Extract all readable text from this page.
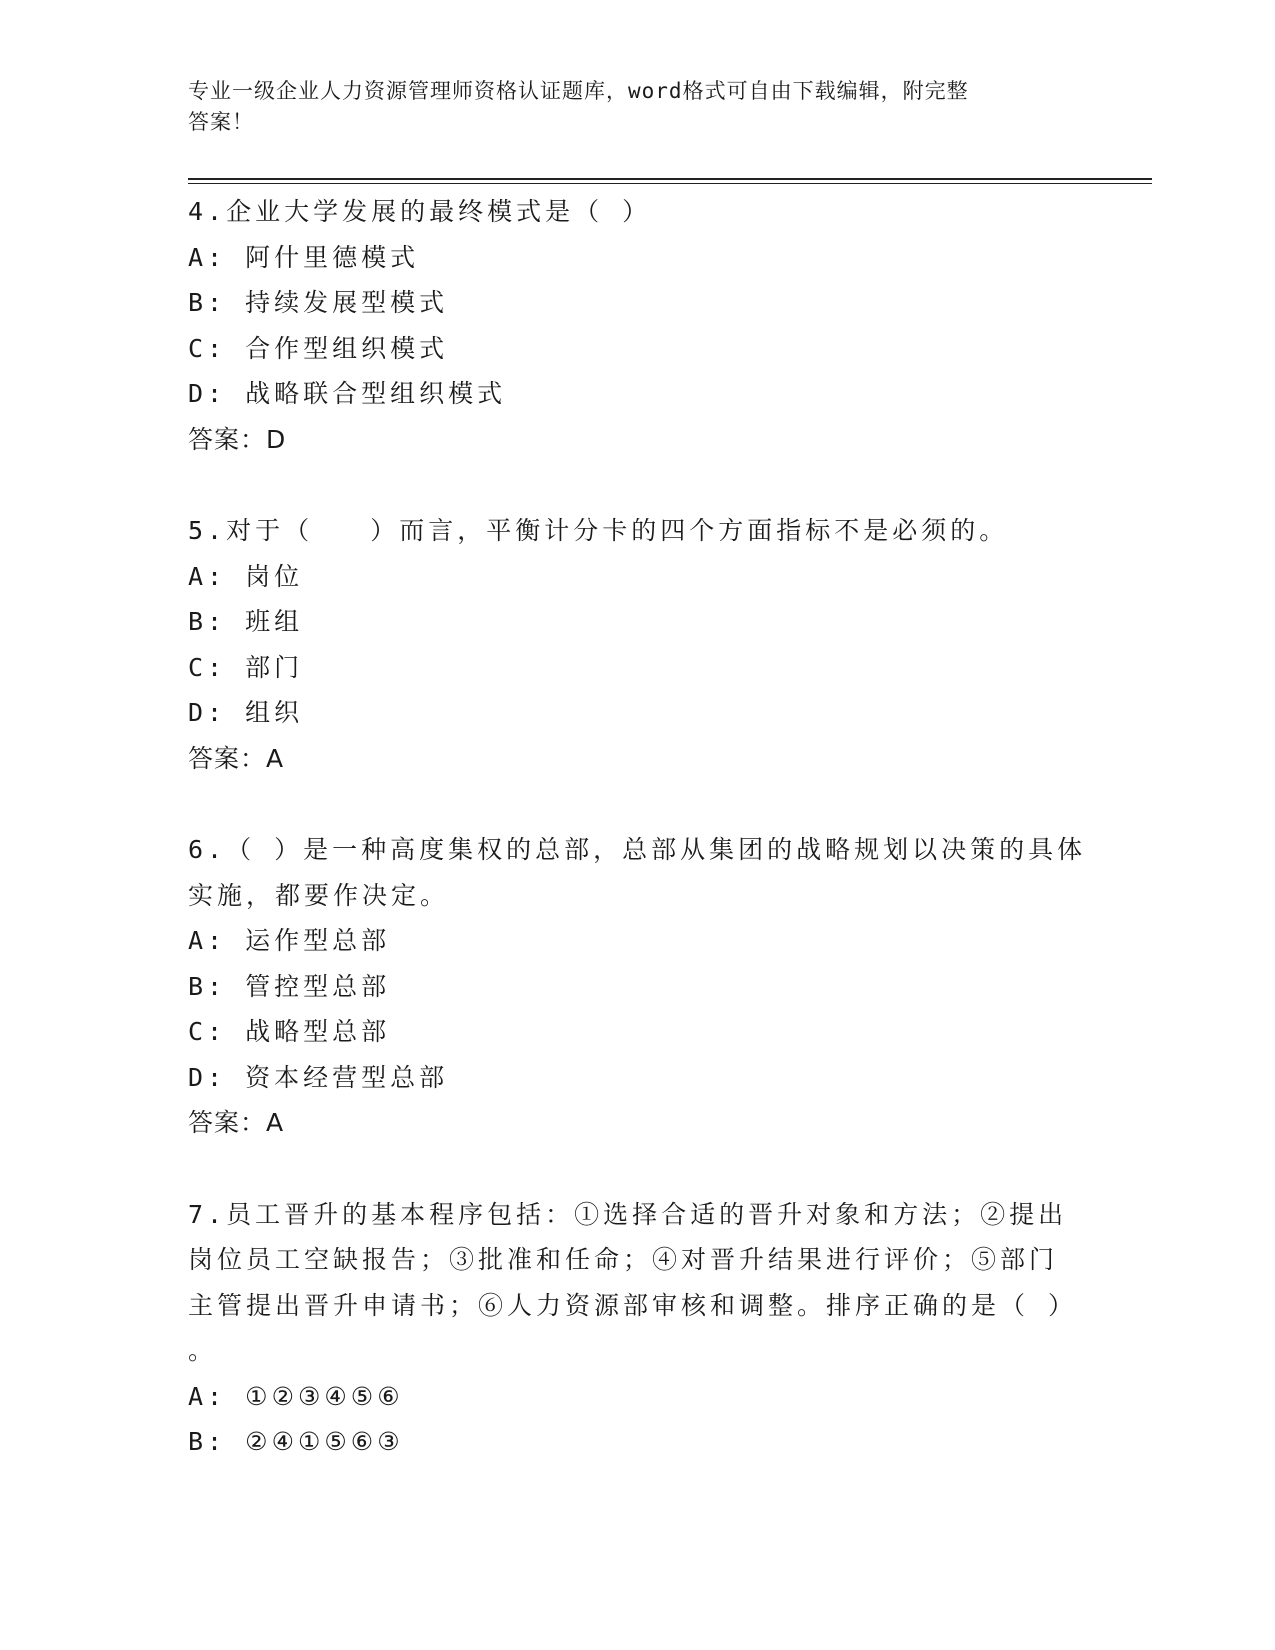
专业一级企业人力资源管理师资格认证题库，word格式可自由下载编辑，附完整
答案！
4.企业大学发展的最终模式是（ ）
A: 阿什里德模式
B: 持续发展型模式
C: 合作型组织模式
D: 战略联合型组织模式
答案：D
5.对于（   ）而言，平衡计分卡的四个方面指标不是必须的。
A: 岗位
B: 班组
C: 部门
D: 组织
答案：A
6.（ ）是一种高度集权的总部，总部从集团的战略规划以决策的具体
实施，都要作决定。
A: 运作型总部
B: 管控型总部
C: 战略型总部
D: 资本经营型总部
答案：A
7.员工晋升的基本程序包括：①选择合适的晋升对象和方法；②提出
岗位员工空缺报告；③批准和任命；④对晋升结果进行评价；⑤部门
主管提出晋升申请书；⑥人力资源部审核和调整。排序正确的是（ ）
。
A: ①②③④⑤⑥
B: ②④①⑤⑥③
